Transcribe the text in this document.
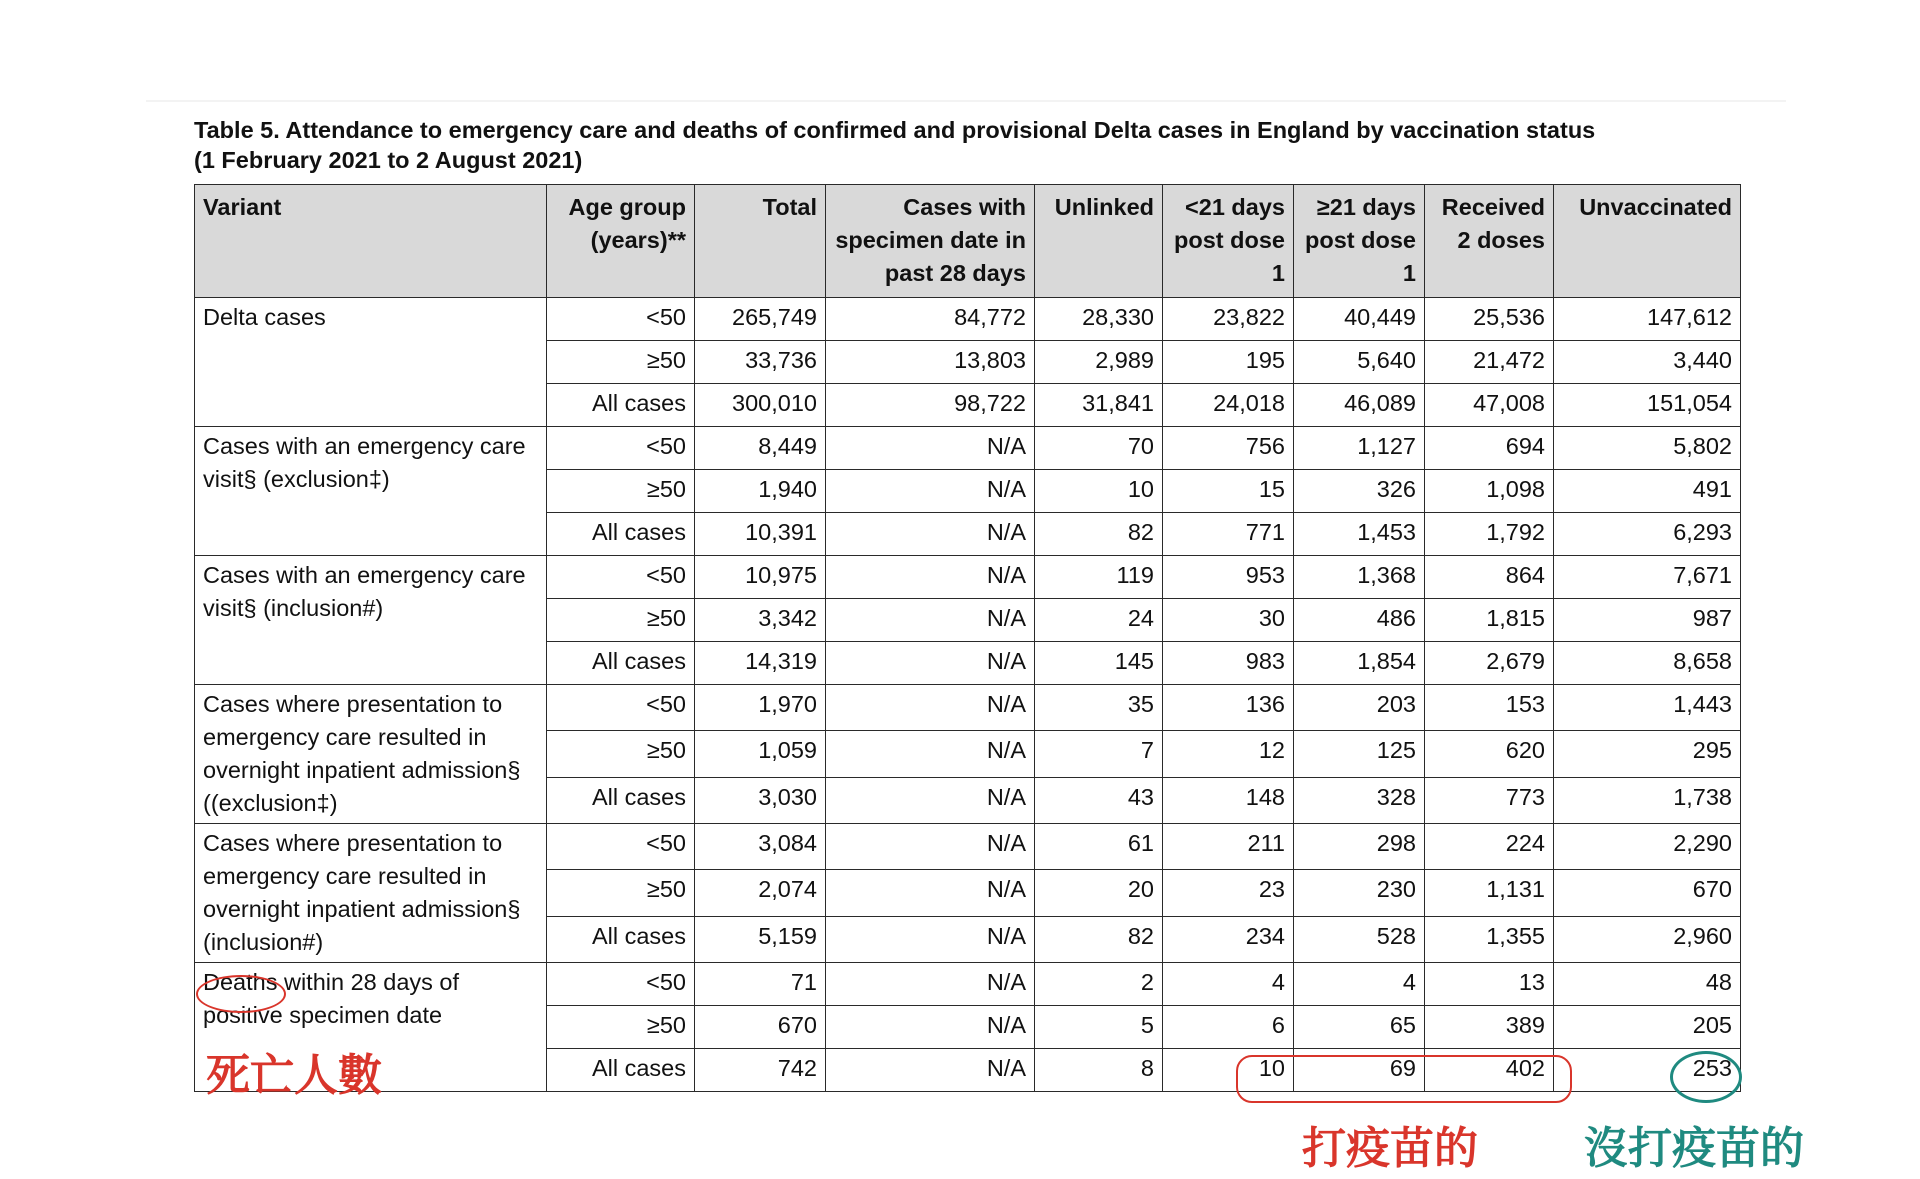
Table 5. Attendance to emergency care and deaths of confirmed and provisional Delta cases in England by vaccination status
(1 February 2021 to 2 August 2021)
Variant	Age group (years)**	Total	Cases with specimen date in past 28 days	Unlinked	<21 days post dose 1	≥21 days post dose 1	Received 2 doses	Unvaccinated
Delta cases	<50	265,749	84,772	28,330	23,822	40,449	25,536	147,612
	≥50	33,736	13,803	2,989	195	5,640	21,472	3,440
	All cases	300,010	98,722	31,841	24,018	46,089	47,008	151,054
Cases with an emergency care visit§ (exclusion‡)	<50	8,449	N/A	70	756	1,127	694	5,802
	≥50	1,940	N/A	10	15	326	1,098	491
	All cases	10,391	N/A	82	771	1,453	1,792	6,293
Cases with an emergency care visit§ (inclusion#)	<50	10,975	N/A	119	953	1,368	864	7,671
	≥50	3,342	N/A	24	30	486	1,815	987
	All cases	14,319	N/A	145	983	1,854	2,679	8,658
Cases where presentation to emergency care resulted in overnight inpatient admission§ ((exclusion‡)	<50	1,970	N/A	35	136	203	153	1,443
	≥50	1,059	N/A	7	12	125	620	295
	All cases	3,030	N/A	43	148	328	773	1,738
Cases where presentation to emergency care resulted in overnight inpatient admission§ (inclusion#)	<50	3,084	N/A	61	211	298	224	2,290
	≥50	2,074	N/A	20	23	230	1,131	670
	All cases	5,159	N/A	82	234	528	1,355	2,960
Deaths within 28 days of positive specimen date	<50	71	N/A	2	4	4	13	48
	≥50	670	N/A	5	6	65	389	205
	All cases	742	N/A	8	10	69	402	253
死亡人數
打疫苗的 沒打疫苗的
